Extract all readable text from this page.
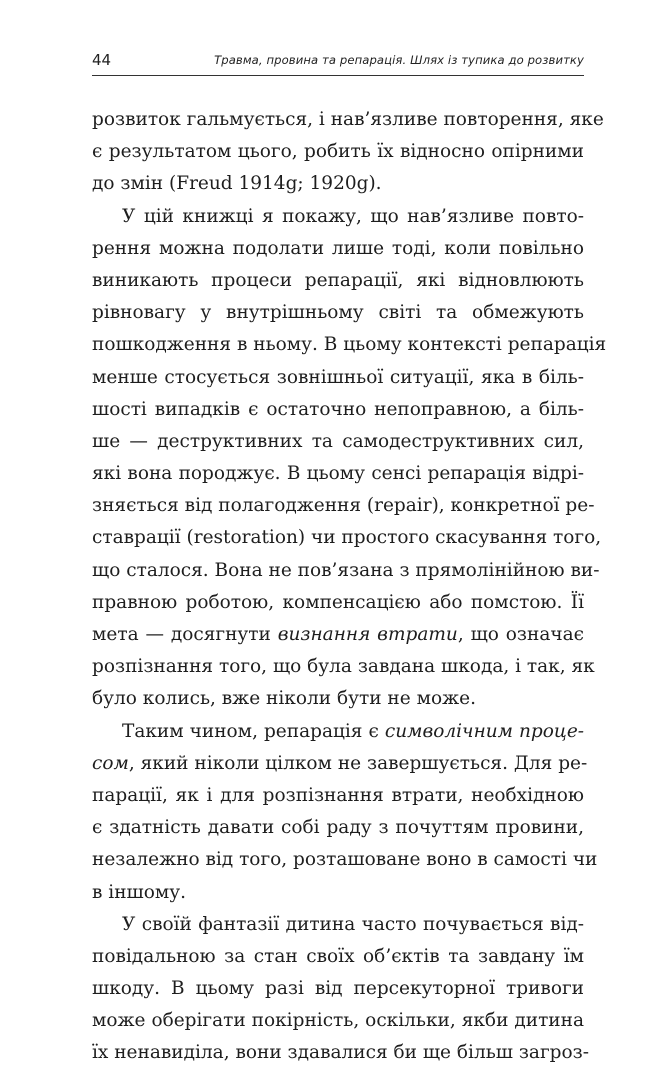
44	Травма, провина та репарація. Шлях із тупика до розвитку

розвиток гальмується, і нав’язливе повторення, яке
є результатом цього, робить їх відносно опірними
до змін (Freud 1914g; 1920g).

У цій книжці я покажу, що нав’язливе повто-
рення можна подолати лише тоді, коли повільно
виникають процеси репарації, які відновлюють
рівновагу у внутрішньому світі та обмежують
пошкодження в ньому. В цьому контексті репарація
менше стосується зовнішньої ситуації, яка в біль-
шості випадків є остаточно непоправною, а біль-
ше — деструктивних та самодеструктивних сил,
які вона породжує. В цьому сенсі репарація відрі-
зняється від полагодження (repair), конкретної ре-
ставрації (restoration) чи простого скасування того,
що сталося. Вона не пов’язана з прямолінійною ви-
правною роботою, компенсацією або помстою. Її
мета — досягнути визнання втрати, що означає
розпізнання того, що була завдана шкода, і так, як
було колись, вже ніколи бути не може.

Таким чином, репарація є символічним проце-
сом, який ніколи цілком не завершується. Для ре-
парації, як і для розпізнання втрати, необхідною
є здатність давати собі раду з почуттям провини,
незалежно від того, розташоване воно в самості чи
в іншому.

У своїй фантазії дитина часто почувається від-
повідальною за стан своїх об’єктів та завдану їм
шкоду. В цьому разі від персекуторної тривоги
може оберігати покірність, оскільки, якби дитина
їх ненавиділа, вони здавалися би ще більш загроз-
